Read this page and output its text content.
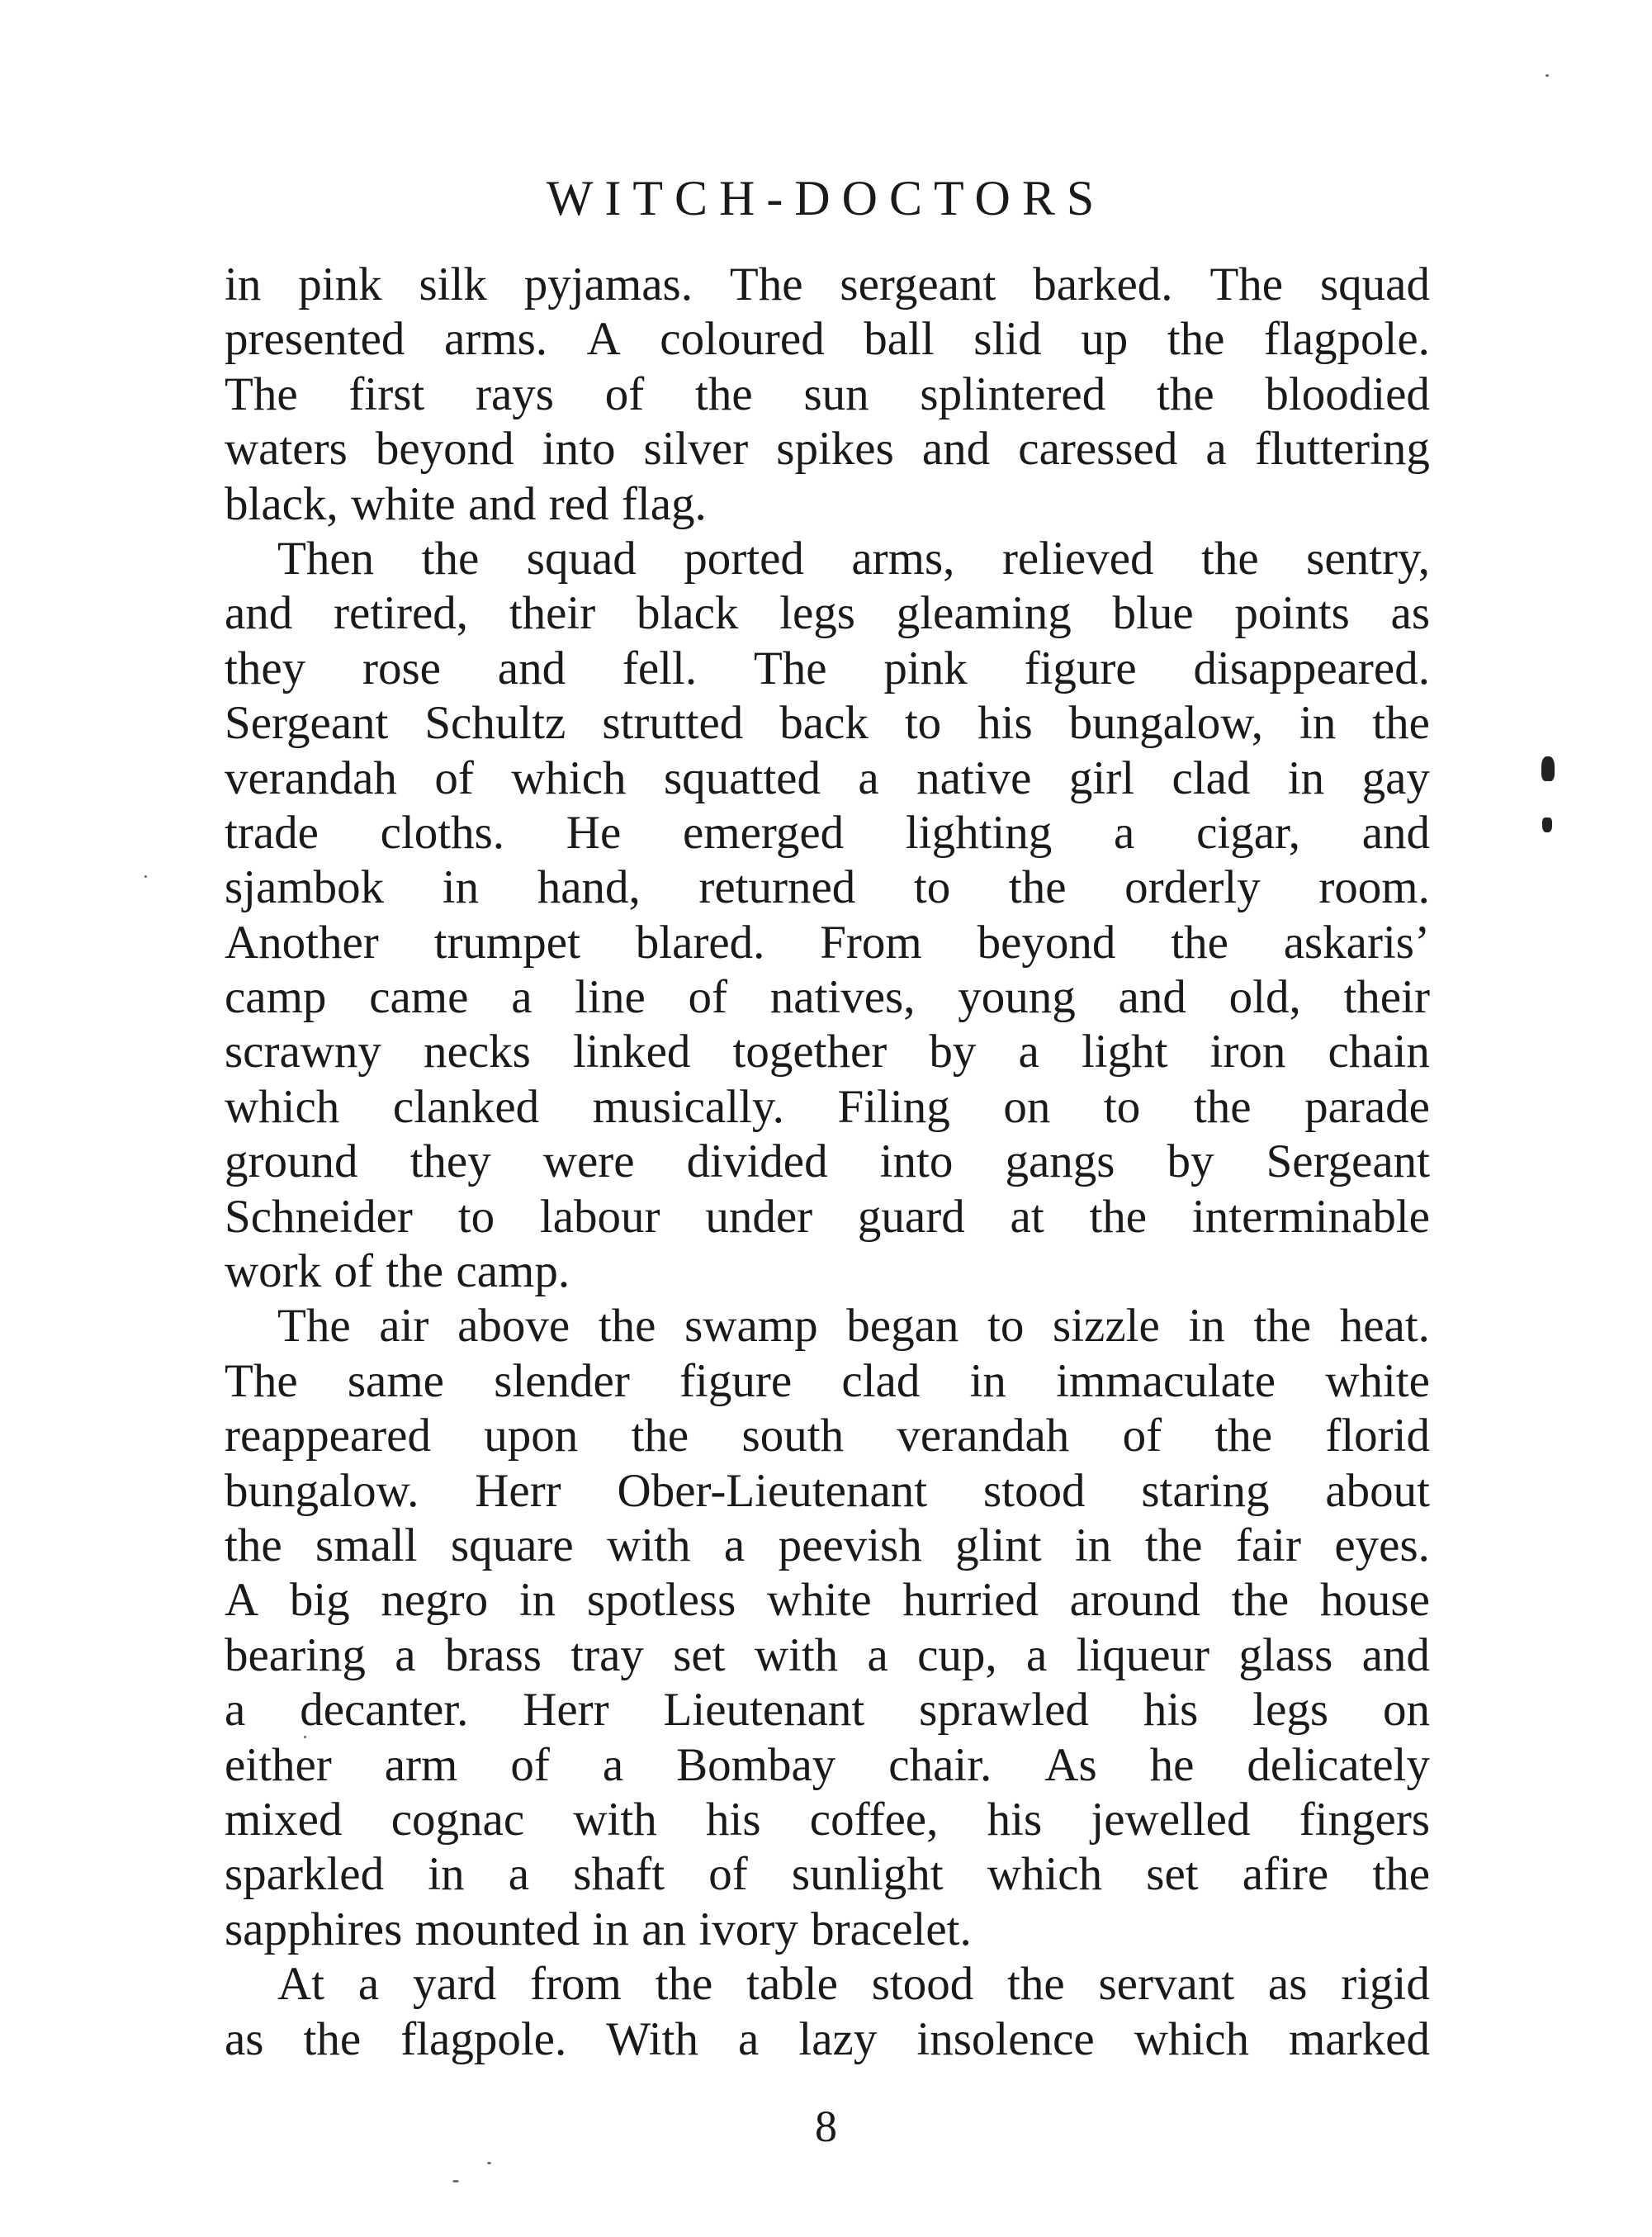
WITCH-DOCTORS
in pink silk pyjamas. The sergeant barked. The squad
presented arms. A coloured ball slid up the flagpole.
The first rays of the sun splintered the bloodied
waters beyond into silver spikes and caressed a fluttering
black, white and red flag.
Then the squad ported arms, relieved the sentry,
and retired, their black legs gleaming blue points as
they rose and fell. The pink figure disappeared.
Sergeant Schultz strutted back to his bungalow, in the
verandah of which squatted a native girl clad in gay
trade cloths. He emerged lighting a cigar, and
sjambok in hand, returned to the orderly room.
Another trumpet blared. From beyond the askaris’
camp came a line of natives, young and old, their
scrawny necks linked together by a light iron chain
which clanked musically. Filing on to the parade
ground they were divided into gangs by Sergeant
Schneider to labour under guard at the interminable
work of the camp.
The air above the swamp began to sizzle in the heat.
The same slender figure clad in immaculate white
reappeared upon the south verandah of the florid
bungalow. Herr Ober-Lieutenant stood staring about
the small square with a peevish glint in the fair eyes.
A big negro in spotless white hurried around the house
bearing a brass tray set with a cup, a liqueur glass and
a decanter. Herr Lieutenant sprawled his legs on
either arm of a Bombay chair. As he delicately
mixed cognac with his coffee, his jewelled fingers
sparkled in a shaft of sunlight which set afire the
sapphires mounted in an ivory bracelet.
At a yard from the table stood the servant as rigid
as the flagpole. With a lazy insolence which marked
8
